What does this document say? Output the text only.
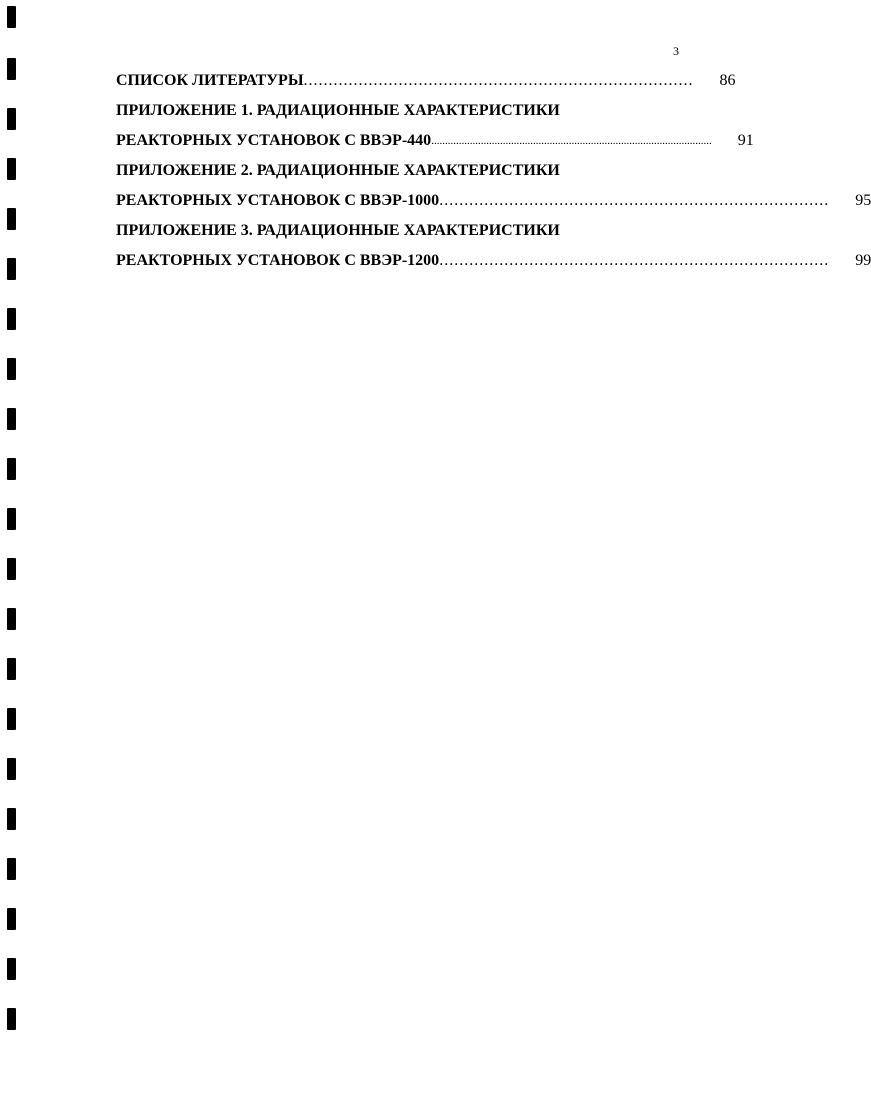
3
СПИСОК ЛИТЕРАТУРЫ .............................................................................. 86
ПРИЛОЖЕНИЕ 1. РАДИАЦИОННЫЕ ХАРАКТЕРИСТИКИ
РЕАКТОРНЫХ УСТАНОВОК С ВВЭР-440 ...................................................................................................... 91
ПРИЛОЖЕНИЕ 2. РАДИАЦИОННЫЕ ХАРАКТЕРИСТИКИ
РЕАКТОРНЫХ УСТАНОВОК С ВВЭР-1000 .............................................................................. 95
ПРИЛОЖЕНИЕ 3. РАДИАЦИОННЫЕ ХАРАКТЕРИСТИКИ
РЕАКТОРНЫХ УСТАНОВОК С ВВЭР-1200 .............................................................................. 99
